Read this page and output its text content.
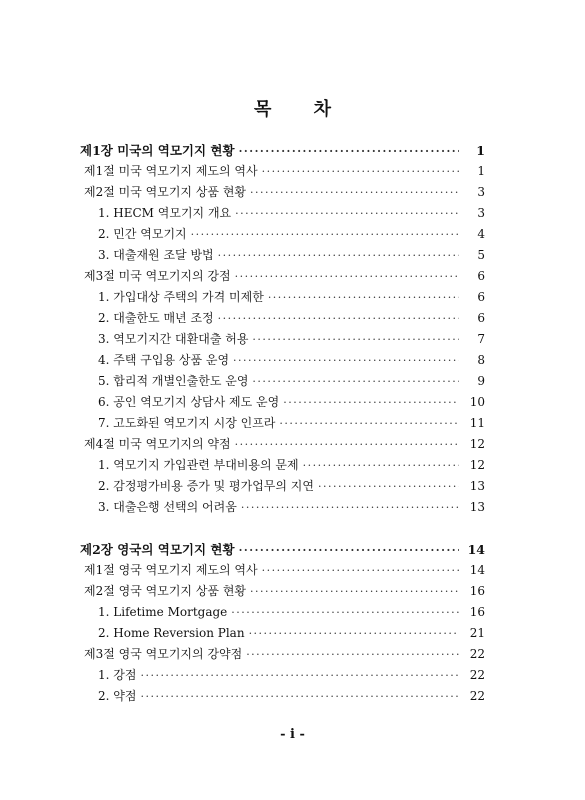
목 차
제1장 미국의 역모기지 현황 ·····	1
제1절 미국 역모기지 제도의 역사 ·····	1
제2절 미국 역모기지 상품 현황 ·····	3
1. HECM 역모기지 개요 ·····	3
2. 민간 역모기지 ·····	4
3. 대출재원 조달 방법 ·····	5
제3절 미국 역모기지의 강점 ·····	6
1. 가입대상 주택의 가격 미제한 ·····	6
2. 대출한도 매년 조정 ·····	6
3. 역모기지간 대환대출 허용 ·····	7
4. 주택 구입용 상품 운영 ·····	8
5. 합리적 개별인출한도 운영 ·····	9
6. 공인 역모기지 상담사 제도 운영 ·····	10
7. 고도화된 역모기지 시장 인프라 ·····	11
제4절 미국 역모기지의 약점 ·····	12
1. 역모기지 가입관련 부대비용의 문제 ·····	12
2. 감정평가비용 증가 및 평가업무의 지연 ·····	13
3. 대출은행 선택의 어려움 ·····	13
제2장 영국의 역모기지 현황 ·····	14
제1절 영국 역모기지 제도의 역사 ·····	14
제2절 영국 역모기지 상품 현황 ·····	16
1. Lifetime Mortgage ·····	16
2. Home Reversion Plan ·····	21
제3절 영국 역모기지의 강약점 ·····	22
1. 강점 ·····	22
2. 약점 ·····	22
- i -
